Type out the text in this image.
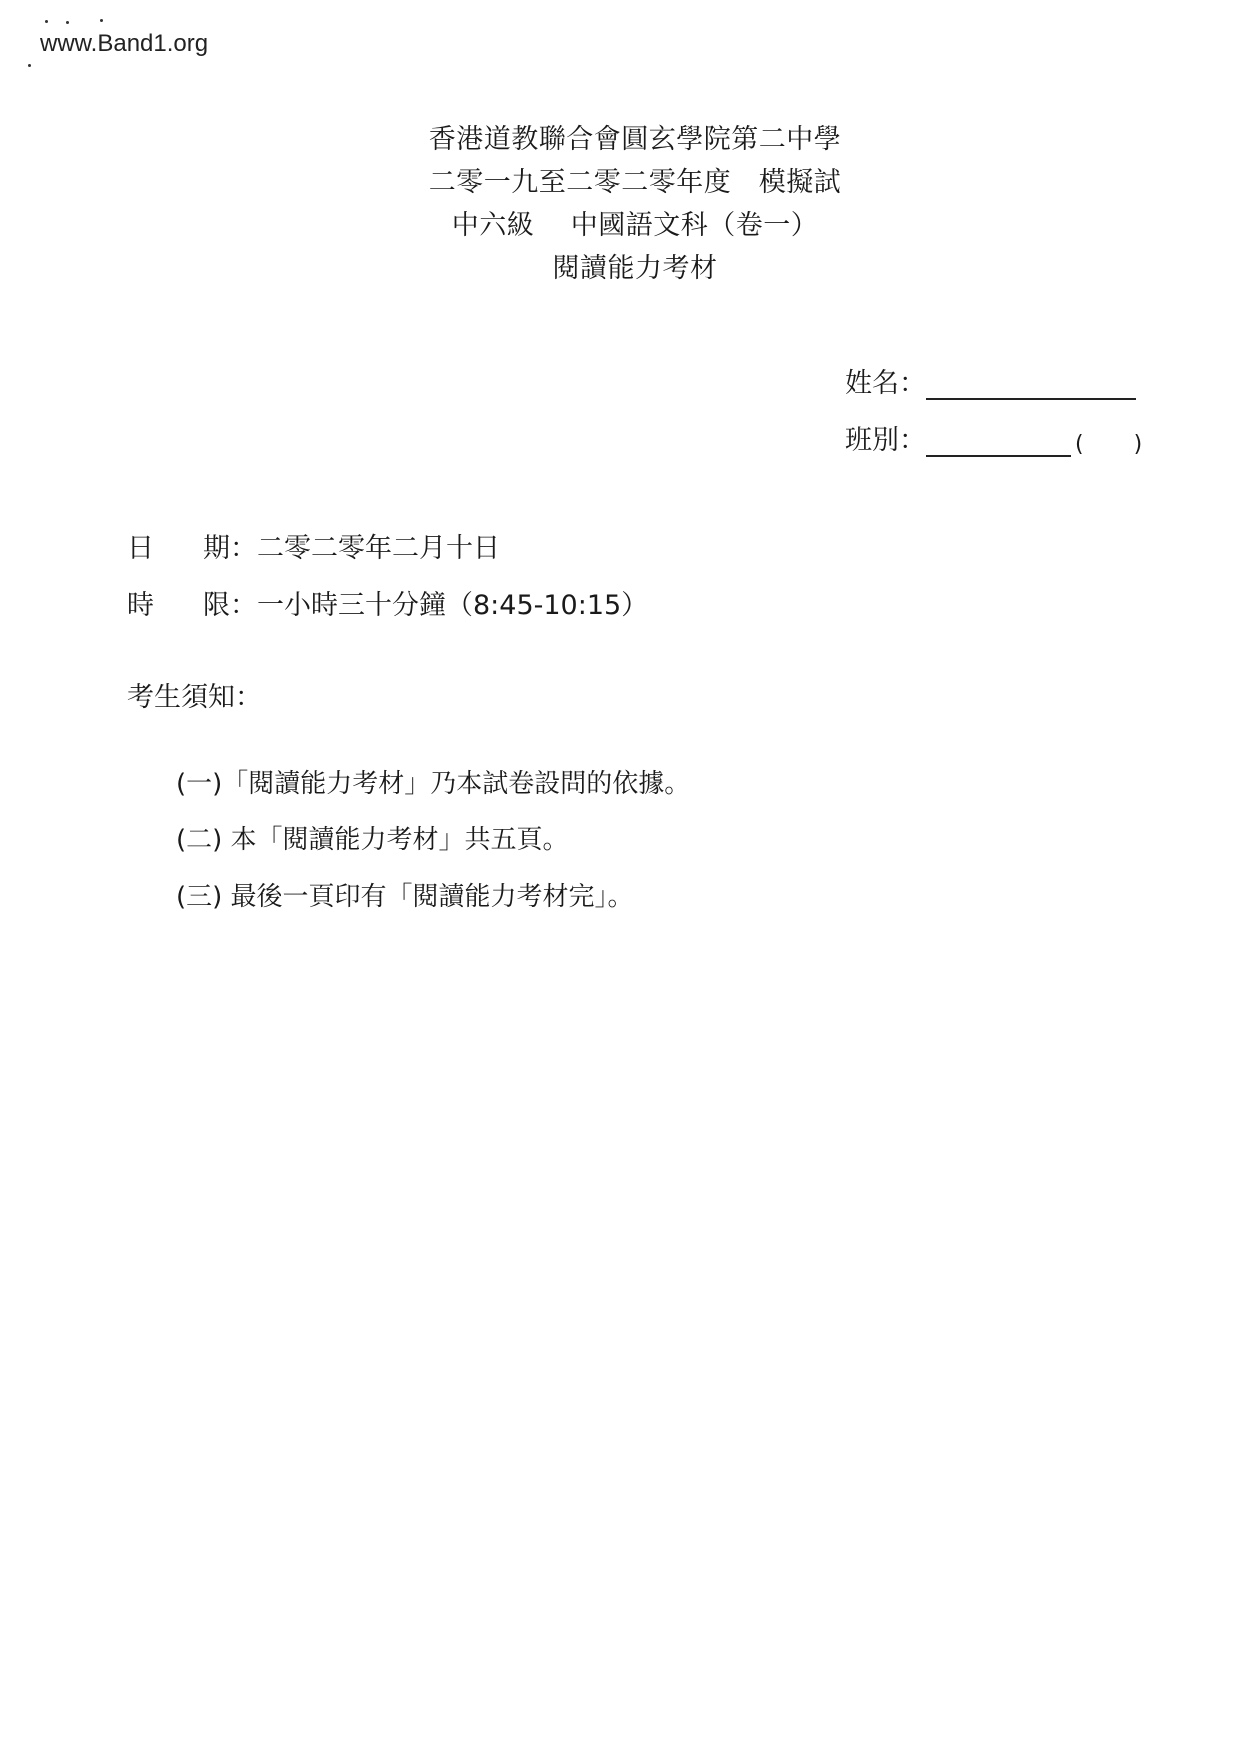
www.Band1.org
香港道教聯合會圓玄學院第二中學
二零一九至二零二零年度　模擬試
中六級　 中國語文科（卷一）
閱讀能力考材
姓名：
班別：	( )
日	期： 二零二零年二月十日
時	限： 一小時三十分鐘（8:45-10:15）
考生須知：
(一)「閱讀能力考材」乃本試卷設問的依據。
(二) 本「閱讀能力考材」共五頁。
(三) 最後一頁印有「閱讀能力考材完」。
